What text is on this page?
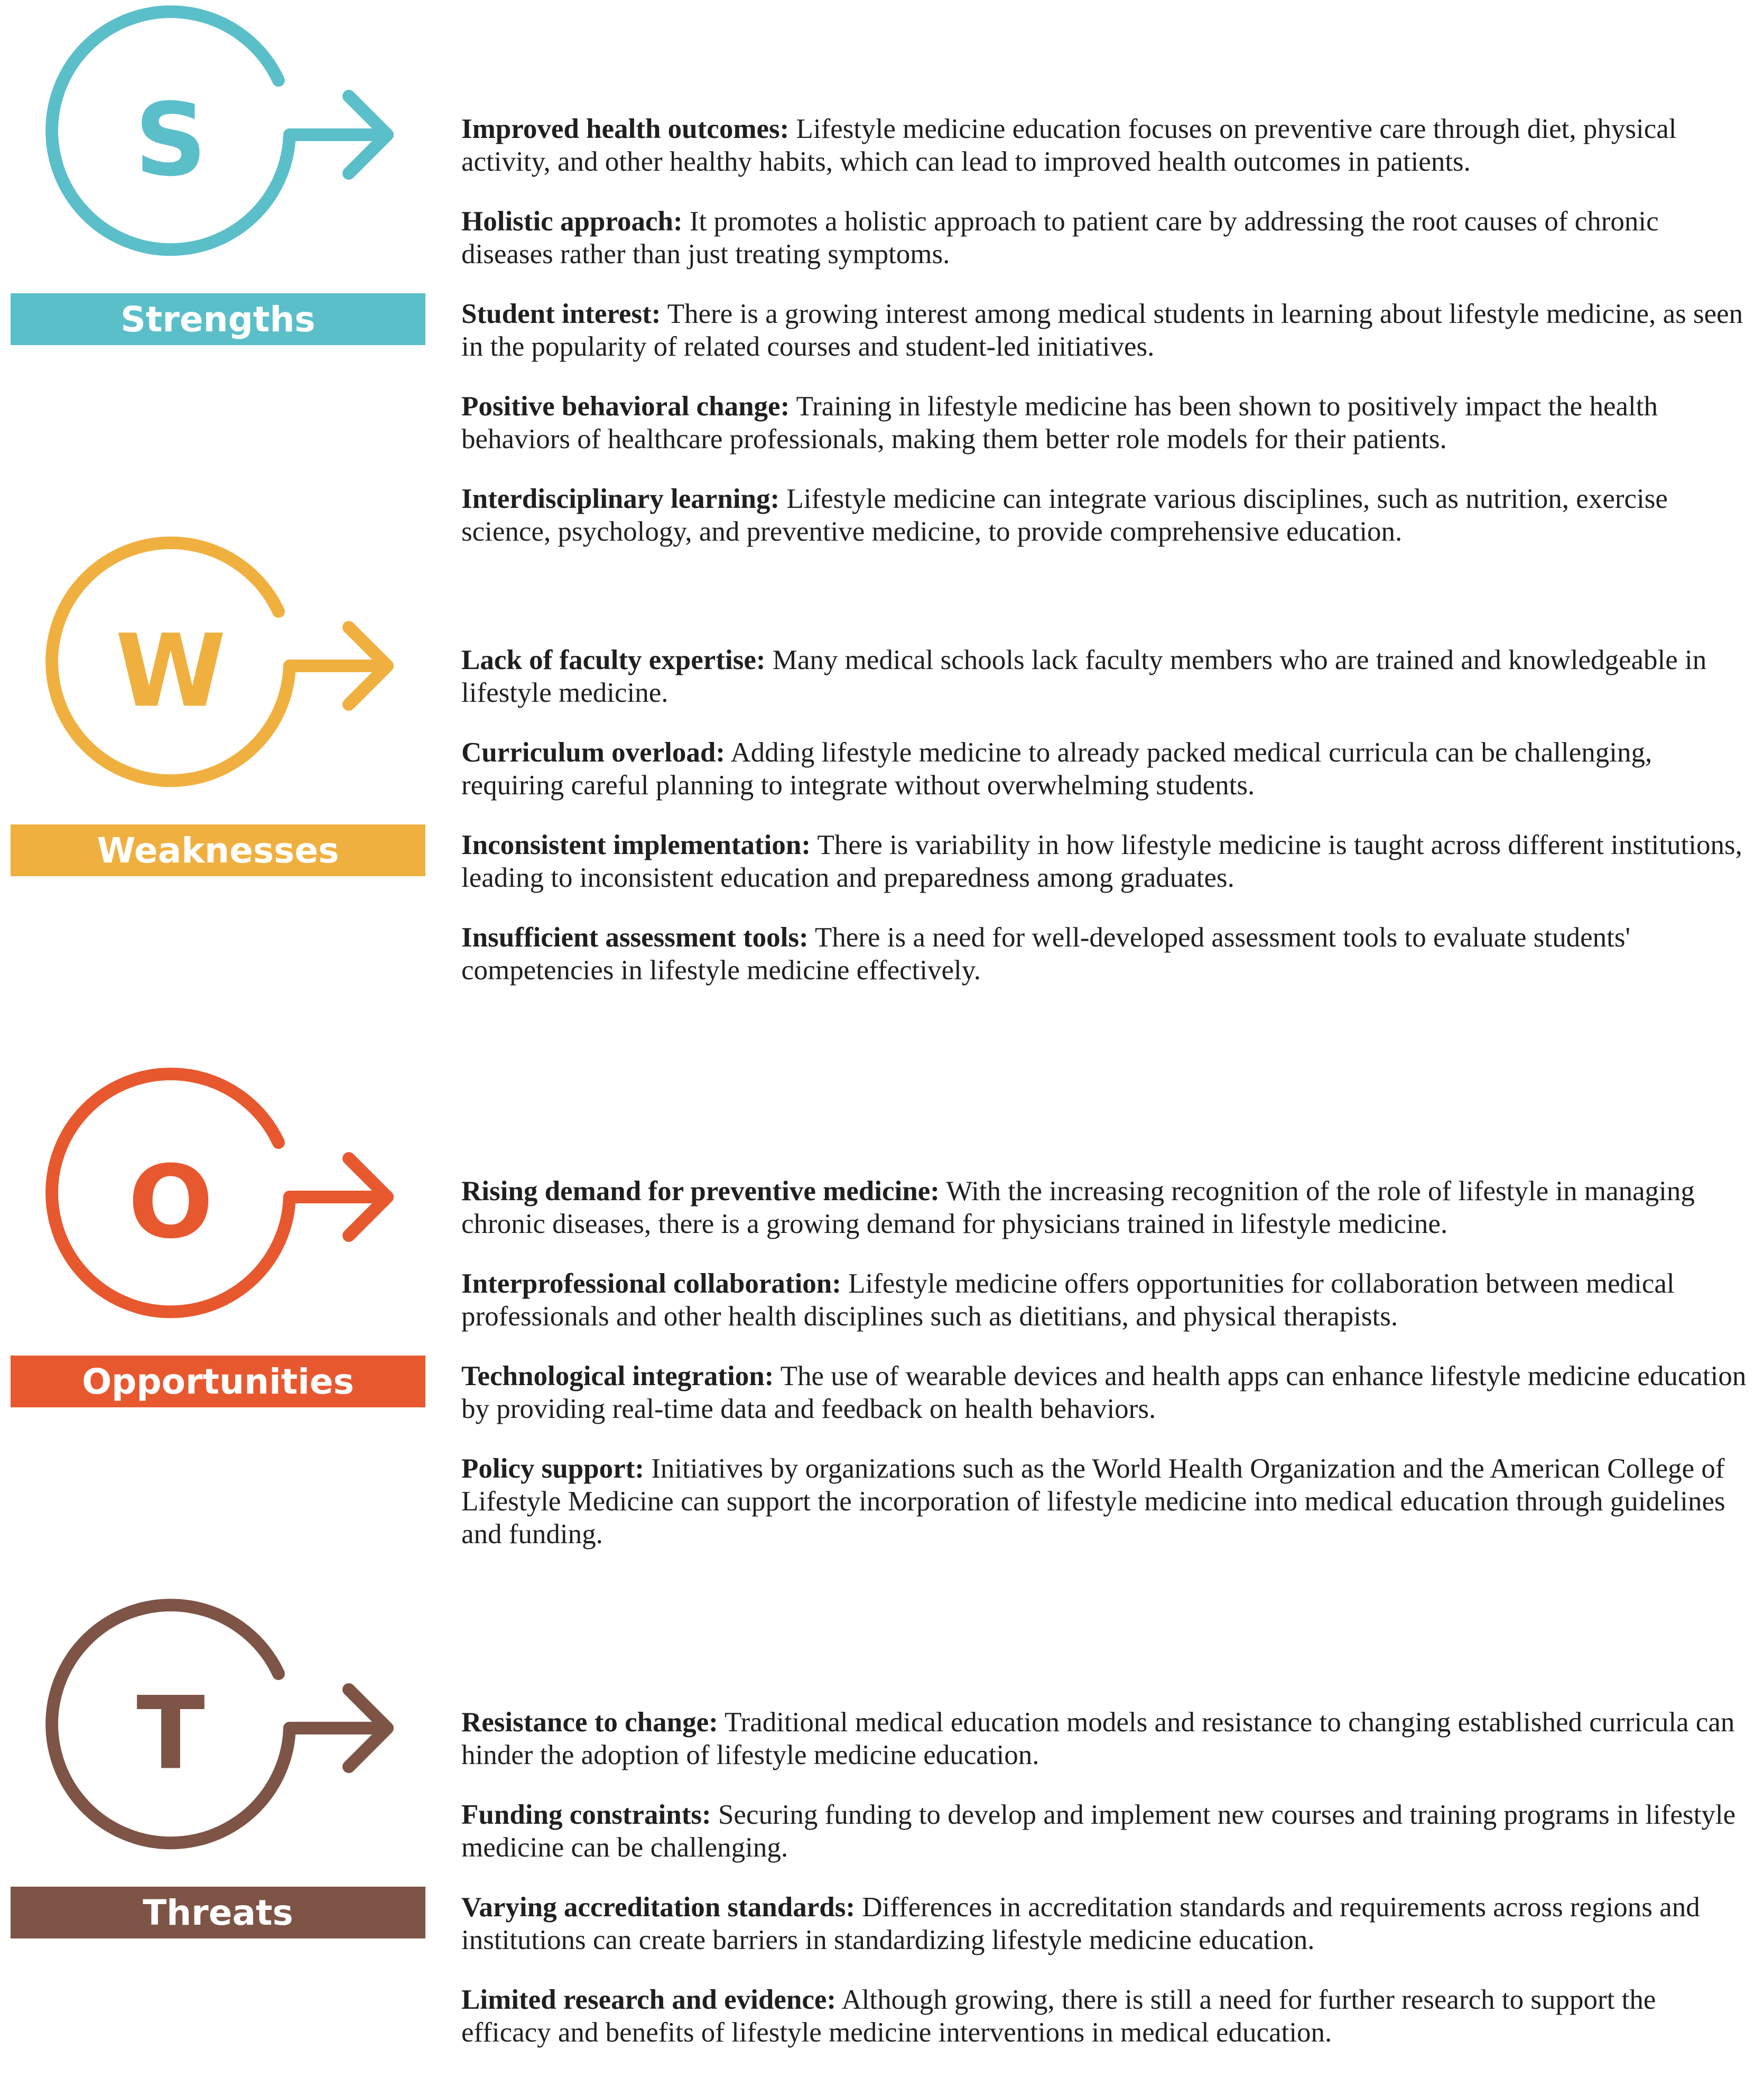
S
Strengths

Improved health outcomes: Lifestyle medicine education focuses on preventive care through diet, physical activity, and other healthy habits, which can lead to improved health outcomes in patients.

Holistic approach: It promotes a holistic approach to patient care by addressing the root causes of chronic diseases rather than just treating symptoms.

Student interest: There is a growing interest among medical students in learning about lifestyle medicine, as seen in the popularity of related courses and student-led initiatives.

Positive behavioral change: Training in lifestyle medicine has been shown to positively impact the health behaviors of healthcare professionals, making them better role models for their patients.

Interdisciplinary learning: Lifestyle medicine can integrate various disciplines, such as nutrition, exercise science, psychology, and preventive medicine, to provide comprehensive education.

W
Weaknesses

Lack of faculty expertise: Many medical schools lack faculty members who are trained and knowledgeable in lifestyle medicine.

Curriculum overload: Adding lifestyle medicine to already packed medical curricula can be challenging, requiring careful planning to integrate without overwhelming students.

Inconsistent implementation: There is variability in how lifestyle medicine is taught across different institutions, leading to inconsistent education and preparedness among graduates.

Insufficient assessment tools: There is a need for well-developed assessment tools to evaluate students' competencies in lifestyle medicine effectively.

O
Opportunities

Rising demand for preventive medicine: With the increasing recognition of the role of lifestyle in managing chronic diseases, there is a growing demand for physicians trained in lifestyle medicine.

Interprofessional collaboration: Lifestyle medicine offers opportunities for collaboration between medical professionals and other health disciplines such as dietitians, and physical therapists.

Technological integration: The use of wearable devices and health apps can enhance lifestyle medicine education by providing real-time data and feedback on health behaviors.

Policy support: Initiatives by organizations such as the World Health Organization and the American College of Lifestyle Medicine can support the incorporation of lifestyle medicine into medical education through guidelines and funding.

T
Threats

Resistance to change: Traditional medical education models and resistance to changing established curricula can hinder the adoption of lifestyle medicine education.

Funding constraints: Securing funding to develop and implement new courses and training programs in lifestyle medicine can be challenging.

Varying accreditation standards: Differences in accreditation standards and requirements across regions and institutions can create barriers in standardizing lifestyle medicine education.

Limited research and evidence: Although growing, there is still a need for further research to support the efficacy and benefits of lifestyle medicine interventions in medical education.
